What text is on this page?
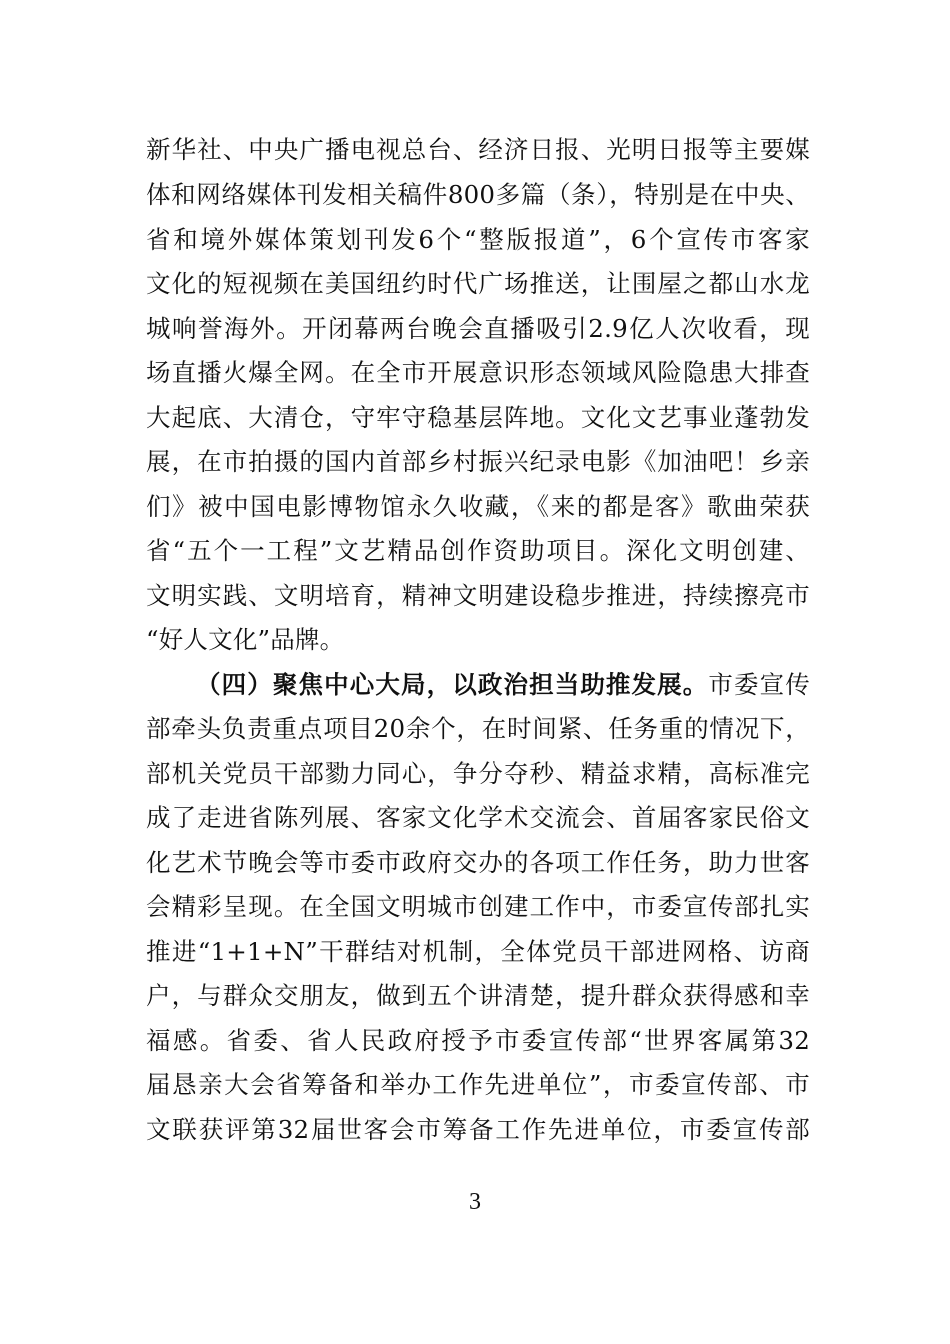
新华社、中央广播电视总台、经济日报、光明日报等主要媒
体和网络媒体刊发相关稿件800多篇（条），特别是在中央、
省和境外媒体策划刊发6个“整版报道”，6个宣传市客家
文化的短视频在美国纽约时代广场推送，让围屋之都山水龙
城响誉海外。开闭幕两台晚会直播吸引2.9亿人次收看，现
场直播火爆全网。在全市开展意识形态领域风险隐患大排查
大起底、大清仓，守牢守稳基层阵地。文化文艺事业蓬勃发
展，在市拍摄的国内首部乡村振兴纪录电影《加油吧！乡亲
们》被中国电影博物馆永久收藏，《来的都是客》歌曲荣获
省“五个一工程”文艺精品创作资助项目。深化文明创建、
文明实践、文明培育，精神文明建设稳步推进，持续擦亮市
“好人文化”品牌。
（四）聚焦中心大局，以政治担当助推发展。市委宣传
部牵头负责重点项目20余个，在时间紧、任务重的情况下，
部机关党员干部勠力同心，争分夺秒、精益求精，高标准完
成了走进省陈列展、客家文化学术交流会、首届客家民俗文
化艺术节晚会等市委市政府交办的各项工作任务，助力世客
会精彩呈现。在全国文明城市创建工作中，市委宣传部扎实
推进“1+1+N”干群结对机制，全体党员干部进网格、访商
户，与群众交朋友，做到五个讲清楚，提升群众获得感和幸
福感。省委、省人民政府授予市委宣传部“世界客属第32
届恳亲大会省筹备和举办工作先进单位”，市委宣传部、市
文联获评第32届世客会市筹备工作先进单位，市委宣传部
3
